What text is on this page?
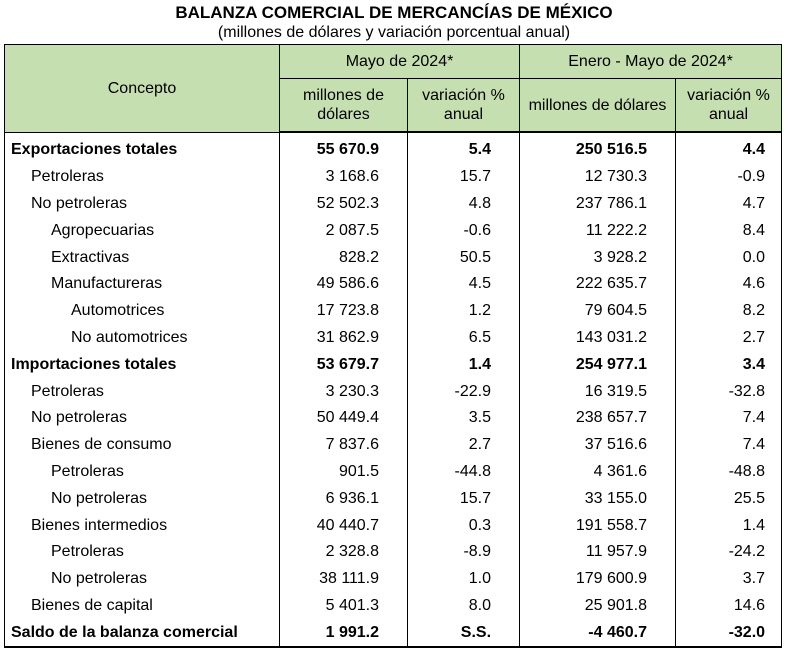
BALANZA COMERCIAL DE MERCANCÍAS DE MÉXICO
(millones de dólares y variación porcentual anual)
Concepto	Mayo de 2024*		Enero - Mayo de 2024*	
	millones de dólares	variación % anual	millones de dólares	variación % anual
Exportaciones totales	55 670.9	5.4	250 516.5	4.4
Petroleras	3 168.6	15.7	12 730.3	-0.9
No petroleras	52 502.3	4.8	237 786.1	4.7
Agropecuarias	2 087.5	-0.6	11 222.2	8.4
Extractivas	828.2	50.5	3 928.2	0.0
Manufactureras	49 586.6	4.5	222 635.7	4.6
Automotrices	17 723.8	1.2	79 604.5	8.2
No automotrices	31 862.9	6.5	143 031.2	2.7
Importaciones totales	53 679.7	1.4	254 977.1	3.4
Petroleras	3 230.3	-22.9	16 319.5	-32.8
No petroleras	50 449.4	3.5	238 657.7	7.4
Bienes de consumo	7 837.6	2.7	37 516.6	7.4
Petroleras	901.5	-44.8	4 361.6	-48.8
No petroleras	6 936.1	15.7	33 155.0	25.5
Bienes intermedios	40 440.7	0.3	191 558.7	1.4
Petroleras	2 328.8	-8.9	11 957.9	-24.2
No petroleras	38 111.9	1.0	179 600.9	3.7
Bienes de capital	5 401.3	8.0	25 901.8	14.6
Saldo de la balanza comercial	1 991.2	S.S.	-4 460.7	-32.0
